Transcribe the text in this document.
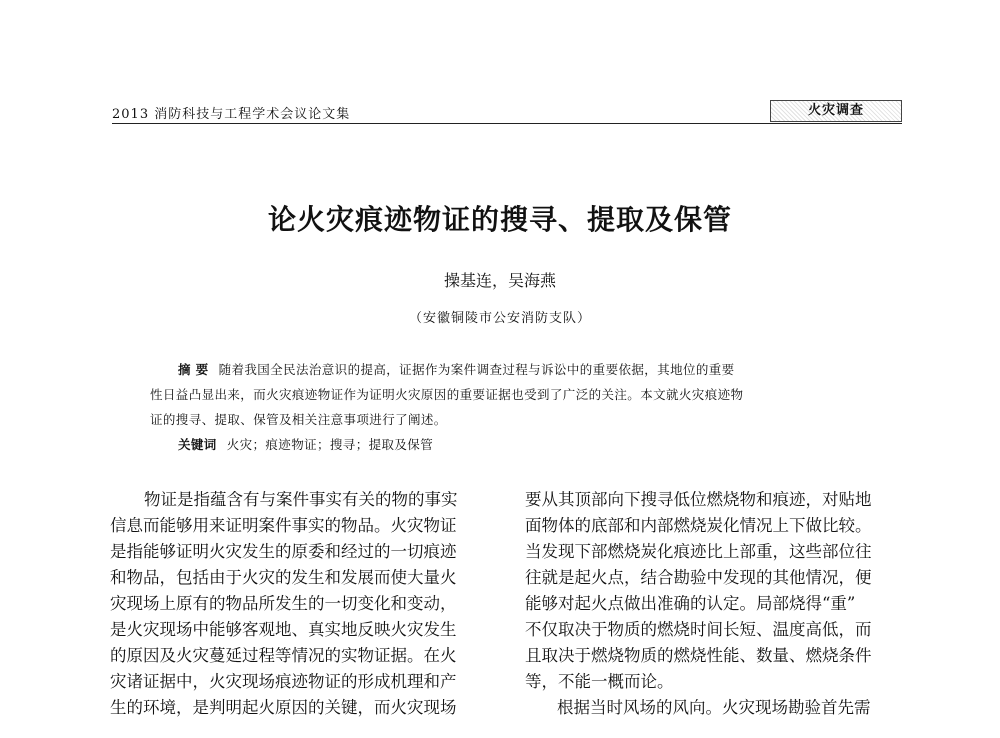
2013 消防科技与工程学术会议论文集	火灾调查
论火灾痕迹物证的搜寻、提取及保管
操基连，吴海燕
（安徽铜陵市公安消防支队）
摘 要 随着我国全民法治意识的提高，证据作为案件调查过程与诉讼中的重要依据，其地位的重要
性日益凸显出来，而火灾痕迹物证作为证明火灾原因的重要证据也受到了广泛的关注。本文就火灾痕迹物
证的搜寻、提取、保管及相关注意事项进行了阐述。
关键词 火灾；痕迹物证；搜寻；提取及保管
物证是指蕴含有与案件事实有关的物的事实
信息而能够用来证明案件事实的物品。火灾物证
是指能够证明火灾发生的原委和经过的一切痕迹
和物品，包括由于火灾的发生和发展而使大量火
灾现场上原有的物品所发生的一切变化和变动，
是火灾现场中能够客观地、真实地反映火灾发生
的原因及火灾蔓延过程等情况的实物证据。在火
灾诸证据中，火灾现场痕迹物证的形成机理和产
生的环境，是判明起火原因的关键，而火灾现场
要从其顶部向下搜寻低位燃烧物和痕迹，对贴地
面物体的底部和内部燃烧炭化情况上下做比较。
当发现下部燃烧炭化痕迹比上部重，这些部位往
往就是起火点，结合勘验中发现的其他情况，便
能够对起火点做出准确的认定。局部烧得“重”
不仅取决于物质的燃烧时间长短、温度高低，而
且取决于燃烧物质的燃烧性能、数量、燃烧条件
等，不能一概而论。
根据当时风场的风向。火灾现场勘验首先需
